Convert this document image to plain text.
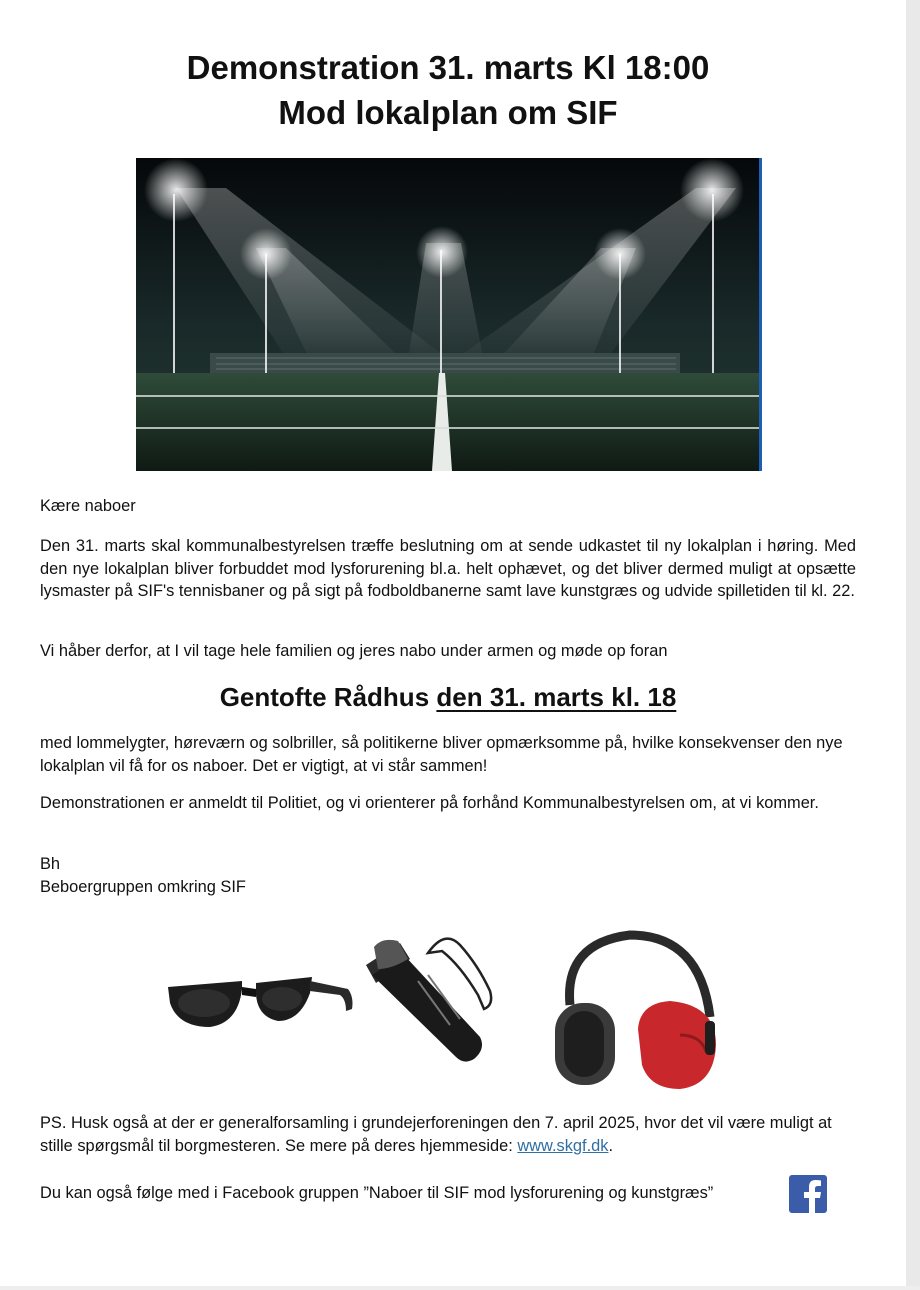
Demonstration 31. marts Kl 18:00
Mod lokalplan om SIF

Kære naboer

Den 31. marts skal kommunalbestyrelsen træffe beslutning om at sende udkastet til ny lokalplan i høring. Med den nye lokalplan bliver forbuddet mod lysforurening bl.a. helt ophævet, og det bliver dermed muligt at opsætte lysmaster på SIF's tennisbaner og på sigt på fodboldbanerne samt lave kunstgræs og udvide spilletiden til kl. 22.

Vi håber derfor, at I vil tage hele familien og jeres nabo under armen og møde op foran

Gentofte Rådhus den 31. marts kl. 18

med lommelygter, høreværn og solbriller, så politikerne bliver opmærksomme på, hvilke konsekvenser den nye lokalplan vil få for os naboer. Det er vigtigt, at vi står sammen!

Demonstrationen er anmeldt til Politiet, og vi orienterer på forhånd Kommunalbestyrelsen om, at vi kommer.

Bh

Beboergruppen omkring SIF

PS. Husk også at der er generalforsamling i grundejerforeningen den 7. april 2025, hvor det vil være muligt at stille spørgsmål til borgmesteren. Se mere på deres hjemmeside: www.skgf.dk.

Du kan også følge med i Facebook gruppen ”Naboer til SIF mod lysforurening og kunstgræs”
